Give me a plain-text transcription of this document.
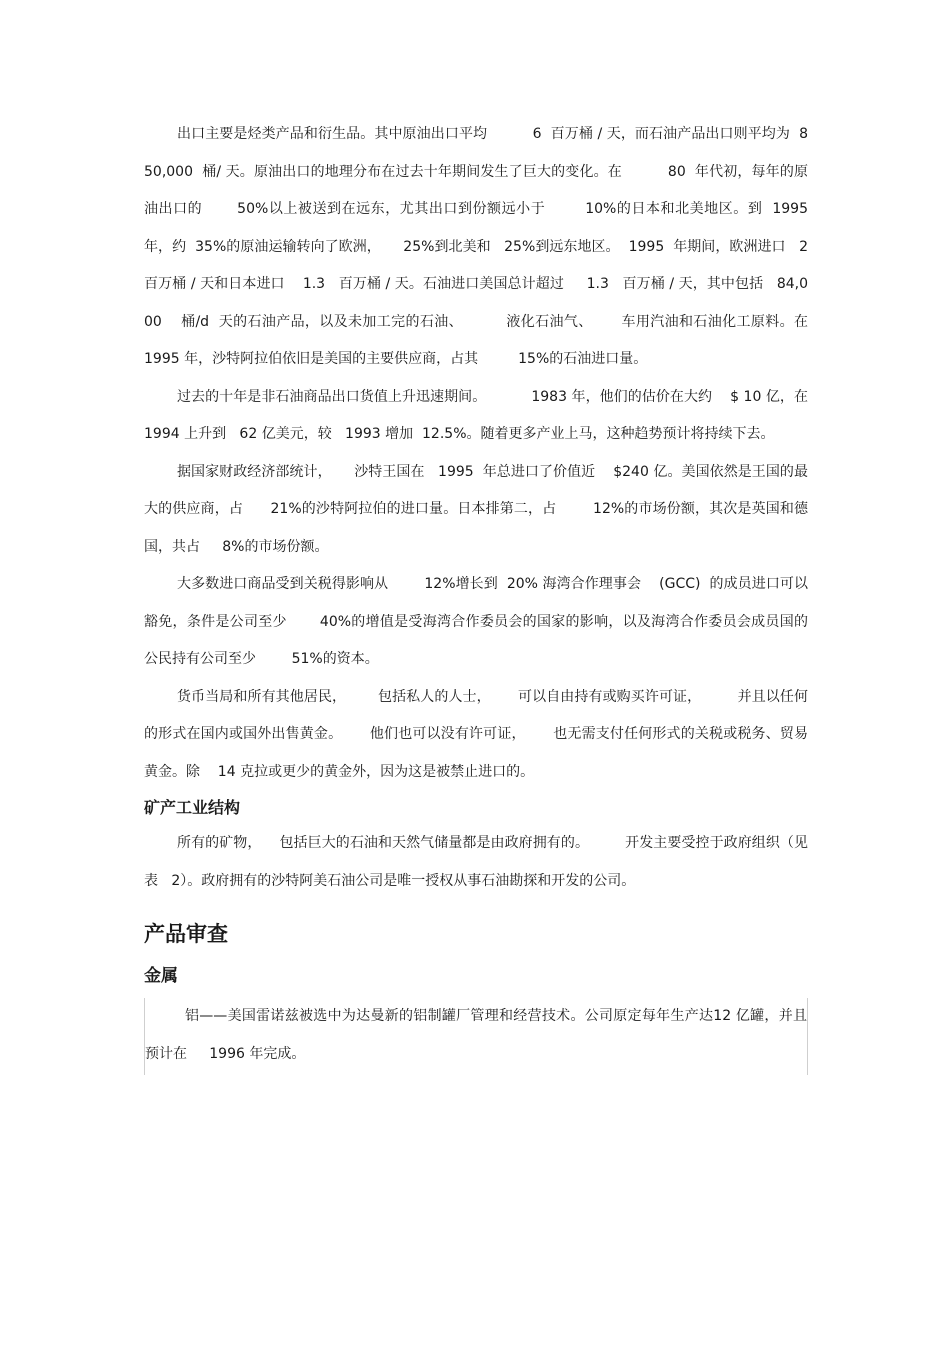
出口主要是烃类产品和衍生品。其中原油出口平均          6  百万桶 / 天，而石油产品出口则平均为  850,000  桶/ 天。原油出口的地理分布在过去十年期间发生了巨大的变化。在          80  年代初，每年的原油出口的       50%以上被送到在远东，尤其出口到份额远小于        10%的日本和北美地区。到  1995  年，约  35%的原油运输转向了欧洲，     25%到北美和   25%到远东地区。  1995  年期间，欧洲进口   2 百万桶 / 天和日本进口    1.3   百万桶 / 天。石油进口美国总计超过     1.3   百万桶 / 天，其中包括   84,000    桶/d  天的石油产品，以及未加工完的石油、         液化石油气、      车用汽油和石油化工原料。在      1995 年，沙特阿拉伯依旧是美国的主要供应商，占其         15%的石油进口量。

过去的十年是非石油商品出口货值上升迅速期间。          1983 年，他们的估价在大约    $ 10 亿，在 1994 上升到   62 亿美元，较   1993 增加  12.5%。随着更多产业上马，这种趋势预计将持续下去。

据国家财政经济部统计，     沙特王国在   1995  年总进口了价值近    $240 亿。美国依然是王国的最大的供应商，占      21%的沙特阿拉伯的进口量。日本排第二，占        12%的市场份额，其次是英国和德国，共占     8%的市场份额。

大多数进口商品受到关税得影响从        12%增长到  20% 海湾合作理事会    (GCC)  的成员进口可以豁免，条件是公司至少       40%的增值是受海湾合作委员会的国家的影响，以及海湾合作委员会成员国的公民持有公司至少        51%的资本。

货币当局和所有其他居民，       包括私人的人士，      可以自由持有或购买许可证，        并且以任何的形式在国内或国外出售黄金。      他们也可以没有许可证，      也无需支付任何形式的关税或税务、贸易黄金。除    14 克拉或更少的黄金外，因为这是被禁止进口的。

矿产工业结构

所有的矿物，    包括巨大的石油和天然气储量都是由政府拥有的。        开发主要受控于政府组织（见表   2）。政府拥有的沙特阿美石油公司是唯一授权从事石油勘探和开发的公司。

产品审查
金属

铝——美国雷诺兹被选中为达曼新的铝制罐厂管理和经营技术。公司原定每年生产达12 亿罐，并且预计在     1996 年完成。
